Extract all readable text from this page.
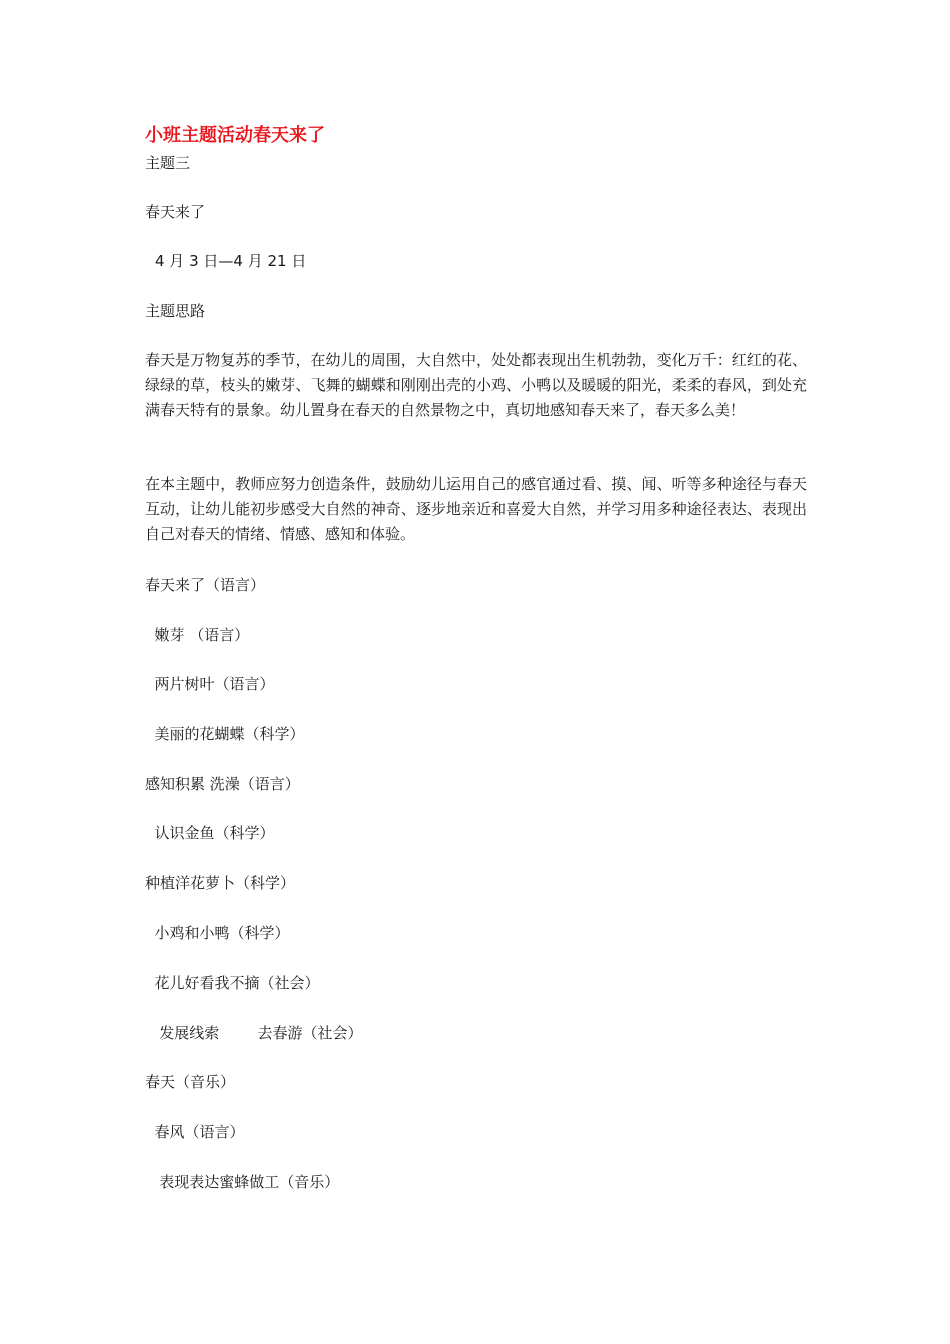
小班主题活动春天来了
主题三
春天来了
4 月 3 日—4 月 21 日
主题思路
春天是万物复苏的季节，在幼儿的周围，大自然中，处处都表现出生机勃勃，变化万千：红红的花、绿绿的草，枝头的嫩芽、飞舞的蝴蝶和刚刚出壳的小鸡、小鸭以及暖暖的阳光，柔柔的春风，到处充满春天特有的景象。幼儿置身在春天的自然景物之中，真切地感知春天来了，春天多么美！
在本主题中，教师应努力创造条件，鼓励幼儿运用自己的感官通过看、摸、闻、听等多种途径与春天互动，让幼儿能初步感受大自然的神奇、逐步地亲近和喜爱大自然，并学习用多种途径表达、表现出自己对春天的情绪、情感、感知和体验。
春天来了（语言）
嫩芽 （语言）
两片树叶（语言）
美丽的花蝴蝶（科学）
感知积累 洗澡（语言）
认识金鱼（科学）
种植洋花萝卜（科学）
小鸡和小鸭（科学）
花儿好看我不摘（社会）
发展线索        去春游（社会）
春天（音乐）
春风（语言）
表现表达蜜蜂做工（音乐）
